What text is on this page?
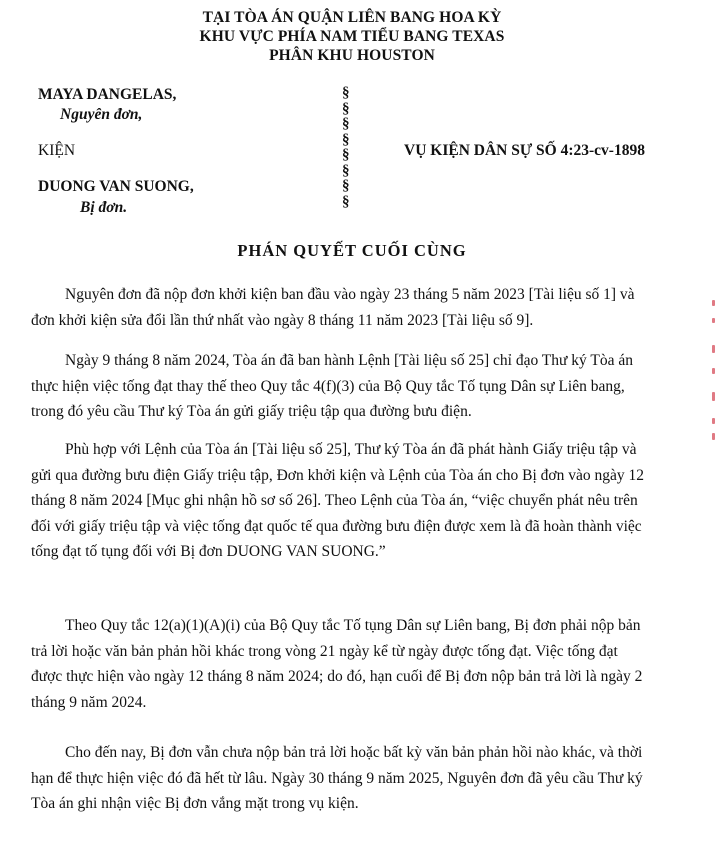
TẠI TÒA ÁN QUẬN LIÊN BANG HOA KỲ
KHU VỰC PHÍA NAM TIỂU BANG TEXAS
PHÂN KHU HOUSTON
MAYA DANGELAS,
Nguyên đơn,
KIỆN
DUONG VAN SUONG,
Bị đơn.
§
§
§
§
§
§
§
§
VỤ KIỆN DÂN SỰ SỐ 4:23-cv-1898
PHÁN QUYẾT CUỐI CÙNG
Nguyên đơn đã nộp đơn khởi kiện ban đầu vào ngày 23 tháng 5 năm 2023 [Tài liệu số 1] và
đơn khởi kiện sửa đổi lần thứ nhất vào ngày 8 tháng 11 năm 2023 [Tài liệu số 9].
Ngày 9 tháng 8 năm 2024, Tòa án đã ban hành Lệnh [Tài liệu số 25] chỉ đạo Thư ký Tòa án
thực hiện việc tống đạt thay thế theo Quy tắc 4(f)(3) của Bộ Quy tắc Tố tụng Dân sự Liên bang,
trong đó yêu cầu Thư ký Tòa án gửi giấy triệu tập qua đường bưu điện.
Phù hợp với Lệnh của Tòa án [Tài liệu số 25], Thư ký Tòa án đã phát hành Giấy triệu tập và
gửi qua đường bưu điện Giấy triệu tập, Đơn khởi kiện và Lệnh của Tòa án cho Bị đơn vào ngày 12
tháng 8 năm 2024 [Mục ghi nhận hồ sơ số 26]. Theo Lệnh của Tòa án, “việc chuyển phát nêu trên
đối với giấy triệu tập và việc tống đạt quốc tế qua đường bưu điện được xem là đã hoàn thành việc
tống đạt tố tụng đối với Bị đơn DUONG VAN SUONG.”
Theo Quy tắc 12(a)(1)(A)(i) của Bộ Quy tắc Tố tụng Dân sự Liên bang, Bị đơn phải nộp bản
trả lời hoặc văn bản phản hồi khác trong vòng 21 ngày kể từ ngày được tống đạt. Việc tống đạt
được thực hiện vào ngày 12 tháng 8 năm 2024; do đó, hạn cuối để Bị đơn nộp bản trả lời là ngày 2
tháng 9 năm 2024.
Cho đến nay, Bị đơn vẫn chưa nộp bản trả lời hoặc bất kỳ văn bản phản hồi nào khác, và thời
hạn để thực hiện việc đó đã hết từ lâu. Ngày 30 tháng 9 năm 2025, Nguyên đơn đã yêu cầu Thư ký
Tòa án ghi nhận việc Bị đơn vắng mặt trong vụ kiện.
